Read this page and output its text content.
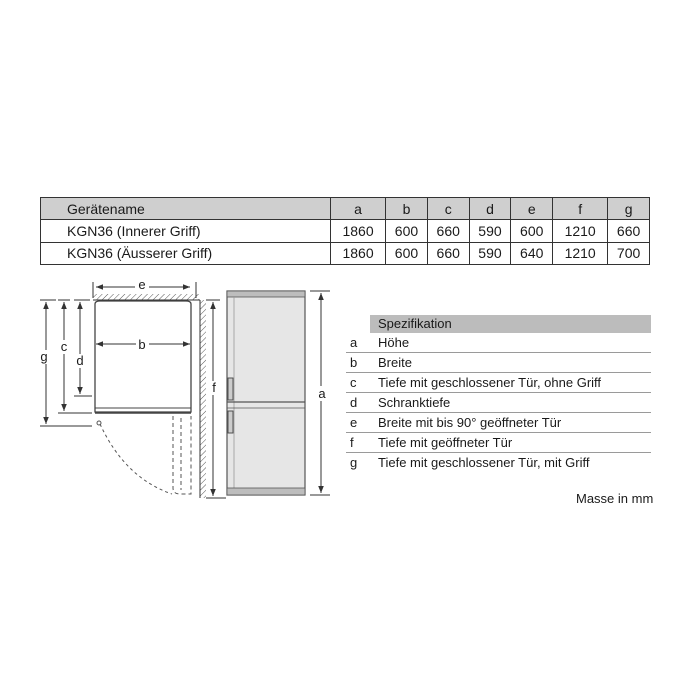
Gerätename	a	b	c	d	e	f	g
KGN36 (Innerer Griff)	1860	600	660	590	600	1210	660
KGN36 (Äusserer Griff)	1860	600	660	590	640	1210	700
e
b
g
c
d
f	a
Spezifikation
a	Höhe
b	Breite
c	Tiefe mit geschlossener Tür, ohne Griff
d	Schranktiefe
e	Breite mit bis 90° geöffneter Tür
f	Tiefe mit geöffneter Tür
g	Tiefe mit geschlossener Tür, mit Griff
Masse in mm
